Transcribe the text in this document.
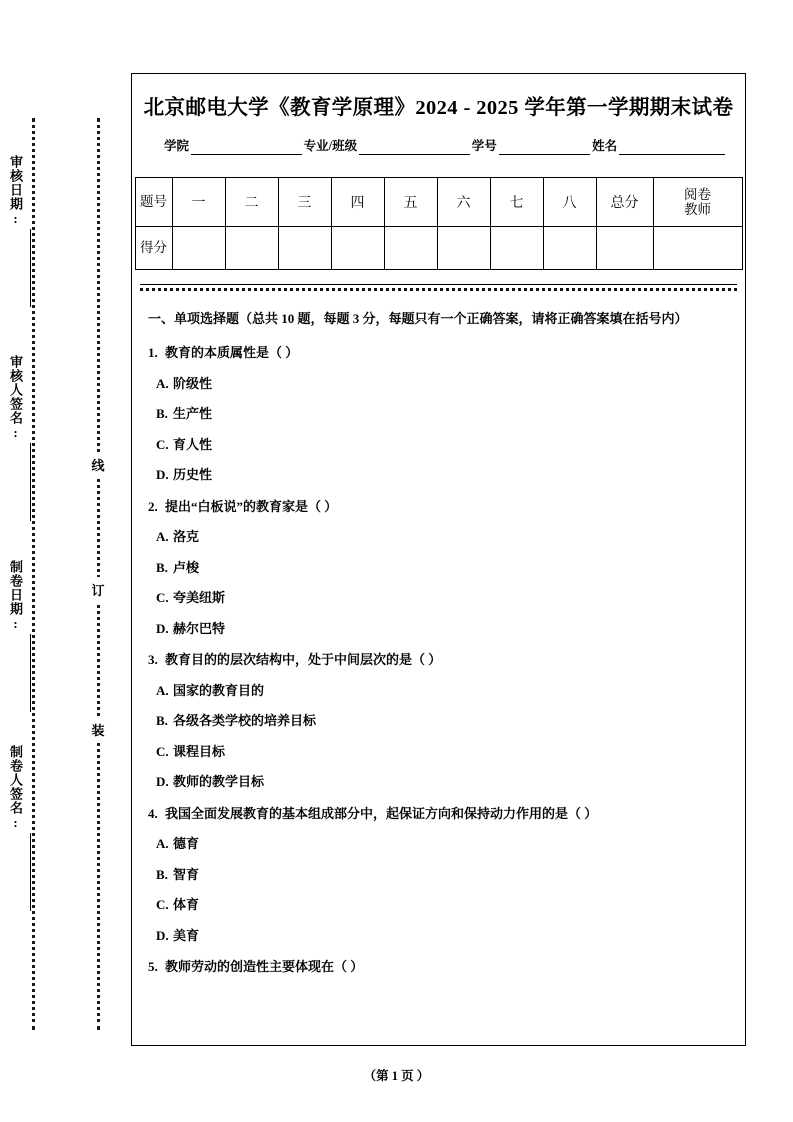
审核日期:
审核人签名:
制卷日期:
制卷人签名:
线
订
装
北京邮电大学《教育学原理》2024 - 2025 学年第一学期期末试卷
学院	专业/班级	学号	姓名
题号	一	二	三	四	五	六	七	八	总分	阅卷
教师

得分										

一、单项选择题（总共 10 题，每题 3 分，每题只有一个正确答案，请将正确答案填在括号内）
1. 教育的本质属性是（ ）
A. 阶级性
B. 生产性
C. 育人性
D. 历史性
2. 提出“白板说”的教育家是（ ）
A. 洛克
B. 卢梭
C. 夸美纽斯
D. 赫尔巴特
3. 教育目的的层次结构中，处于中间层次的是（ ）
A. 国家的教育目的
B. 各级各类学校的培养目标
C. 课程目标
D. 教师的教学目标
4. 我国全面发展教育的基本组成部分中，起保证方向和保持动力作用的是（ ）
A. 德育
B. 智育
C. 体育
D. 美育
5. 教师劳动的创造性主要体现在（ ）
（第 1 页 ）
